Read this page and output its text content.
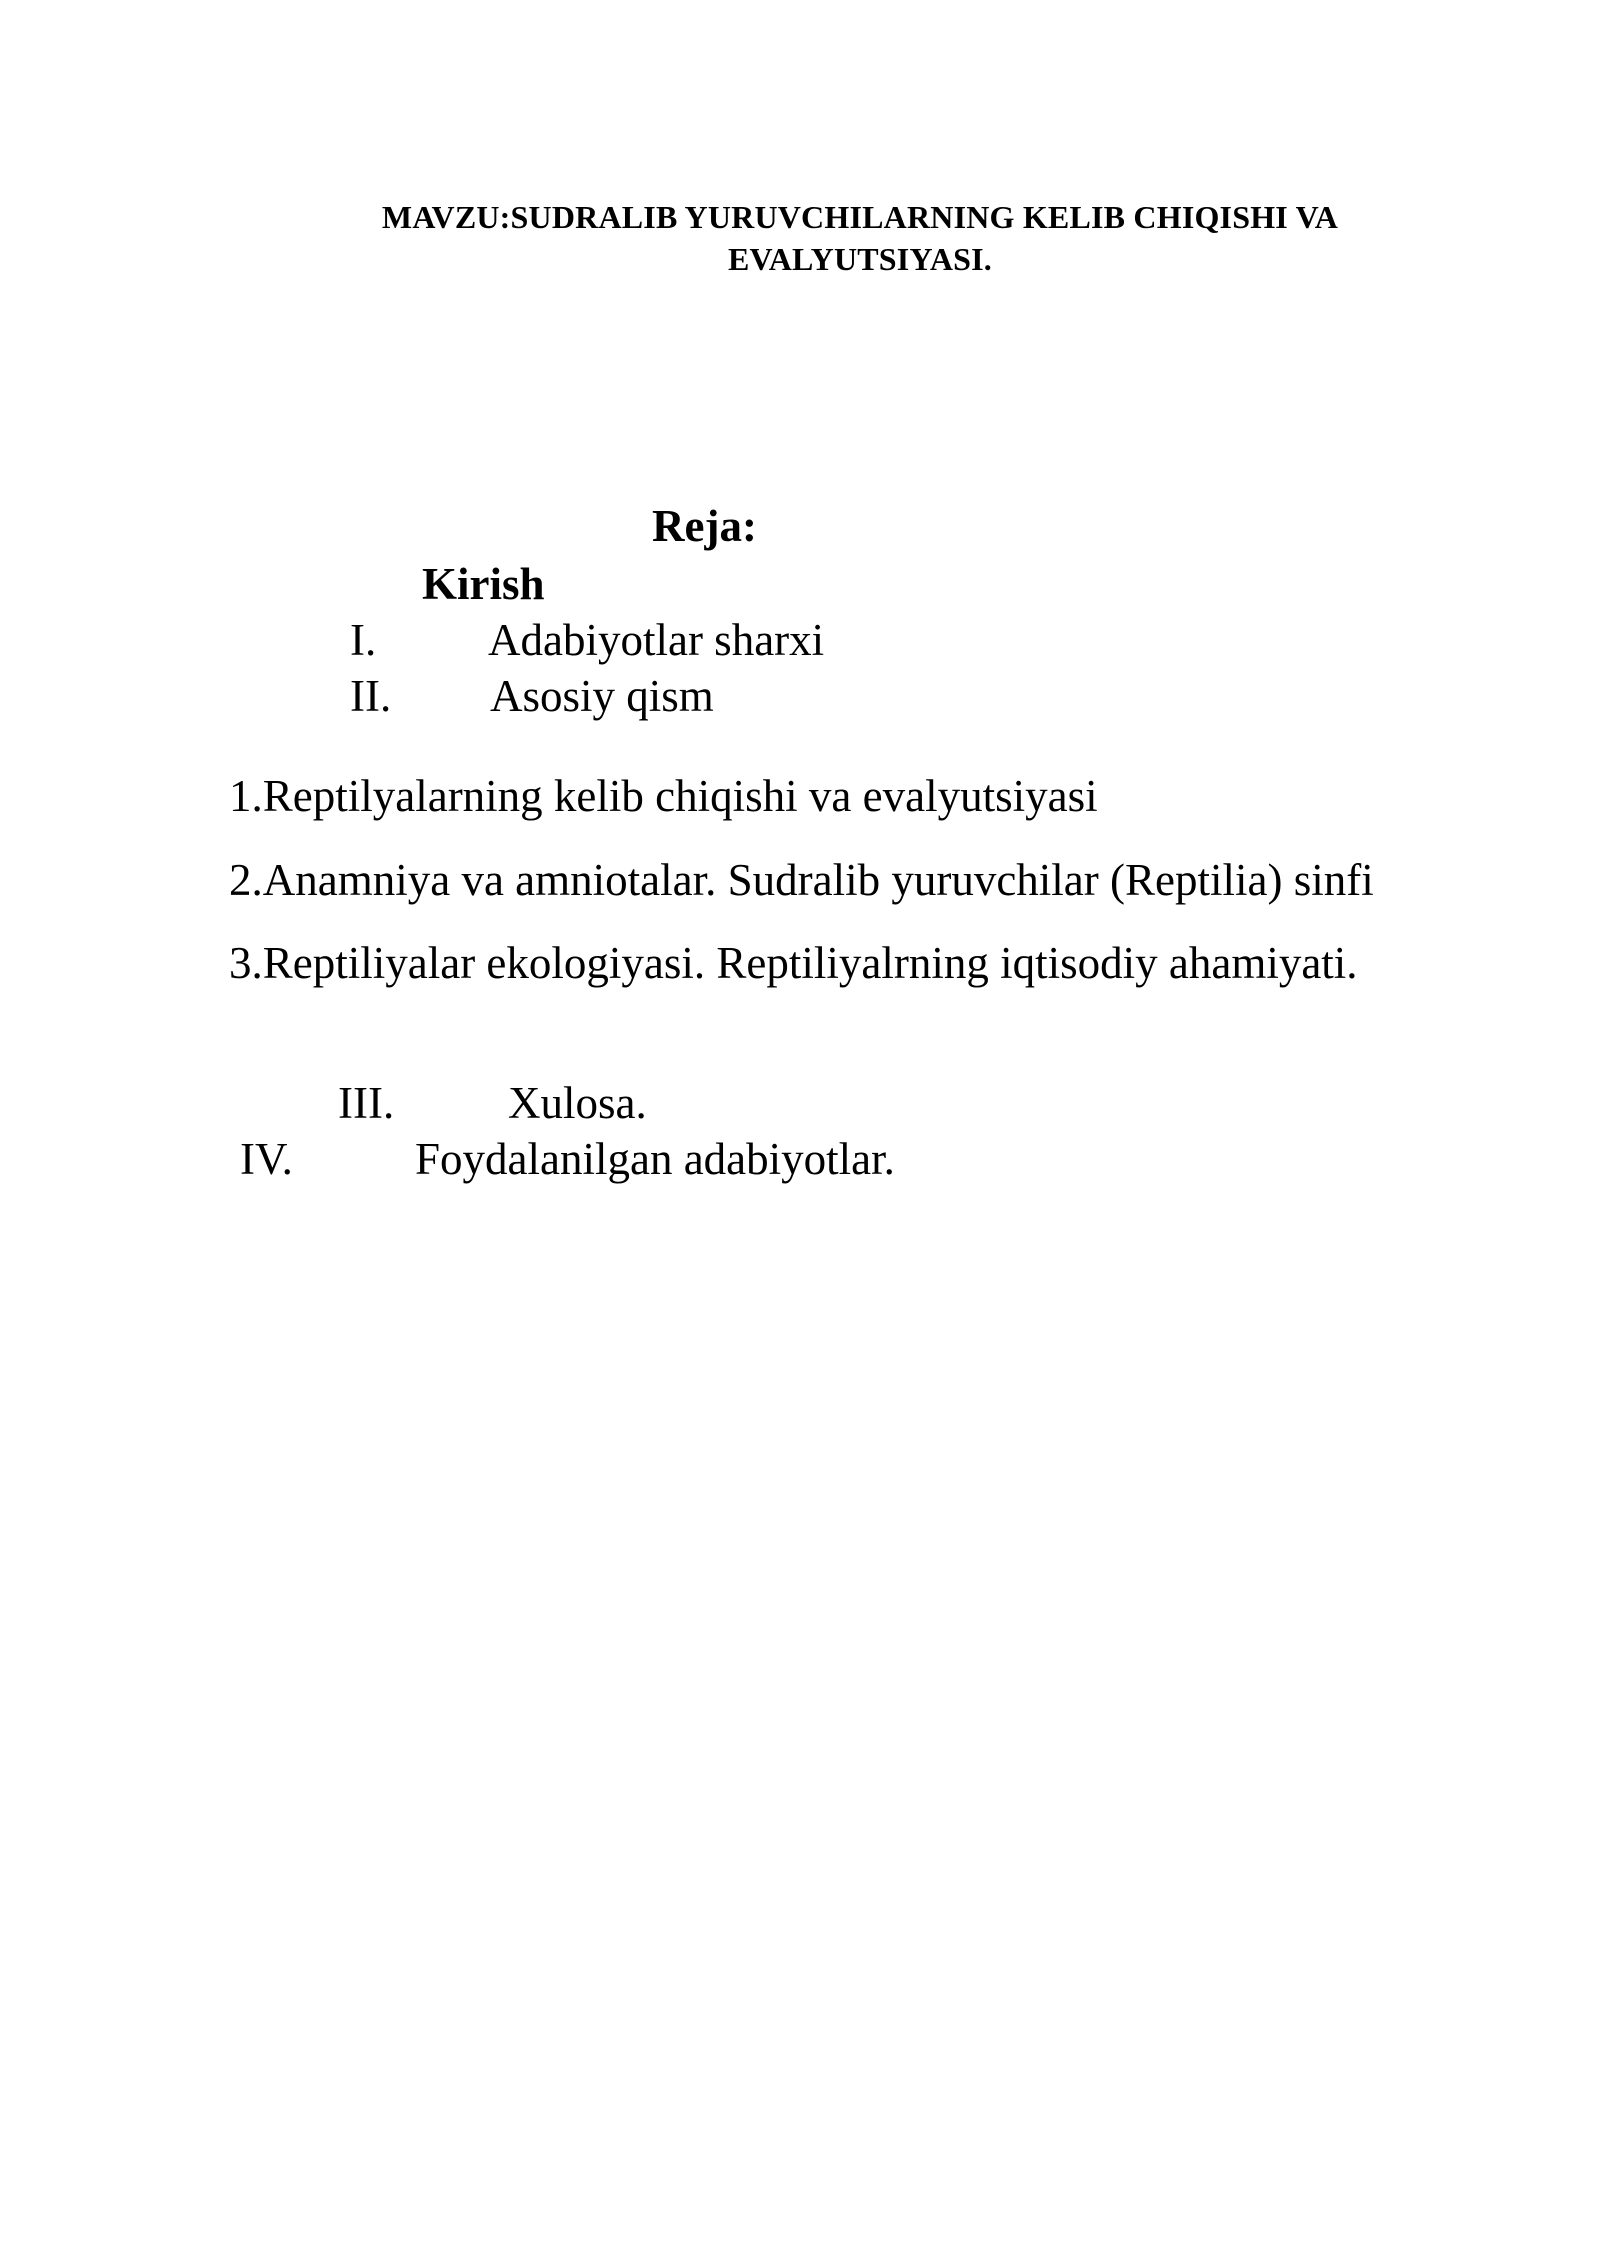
MAVZU:SUDRALIB YURUVCHILARNING KELIB CHIQISHI VA
EVALYUTSIYASI.
Reja:
Kirish
I. Adabiyotlar sharxi
II. Asosiy qism
1.Reptilyalarning kelib chiqishi va evalyutsiyasi
2.Anamniya va amniotalar. Sudralib yuruvchilar (Reptilia) sinfi
3.Reptiliyalar ekologiyasi. Reptiliyalrning iqtisodiy ahamiyati.
III.	Xulosa.
IV.	Foydalanilgan adabiyotlar.
